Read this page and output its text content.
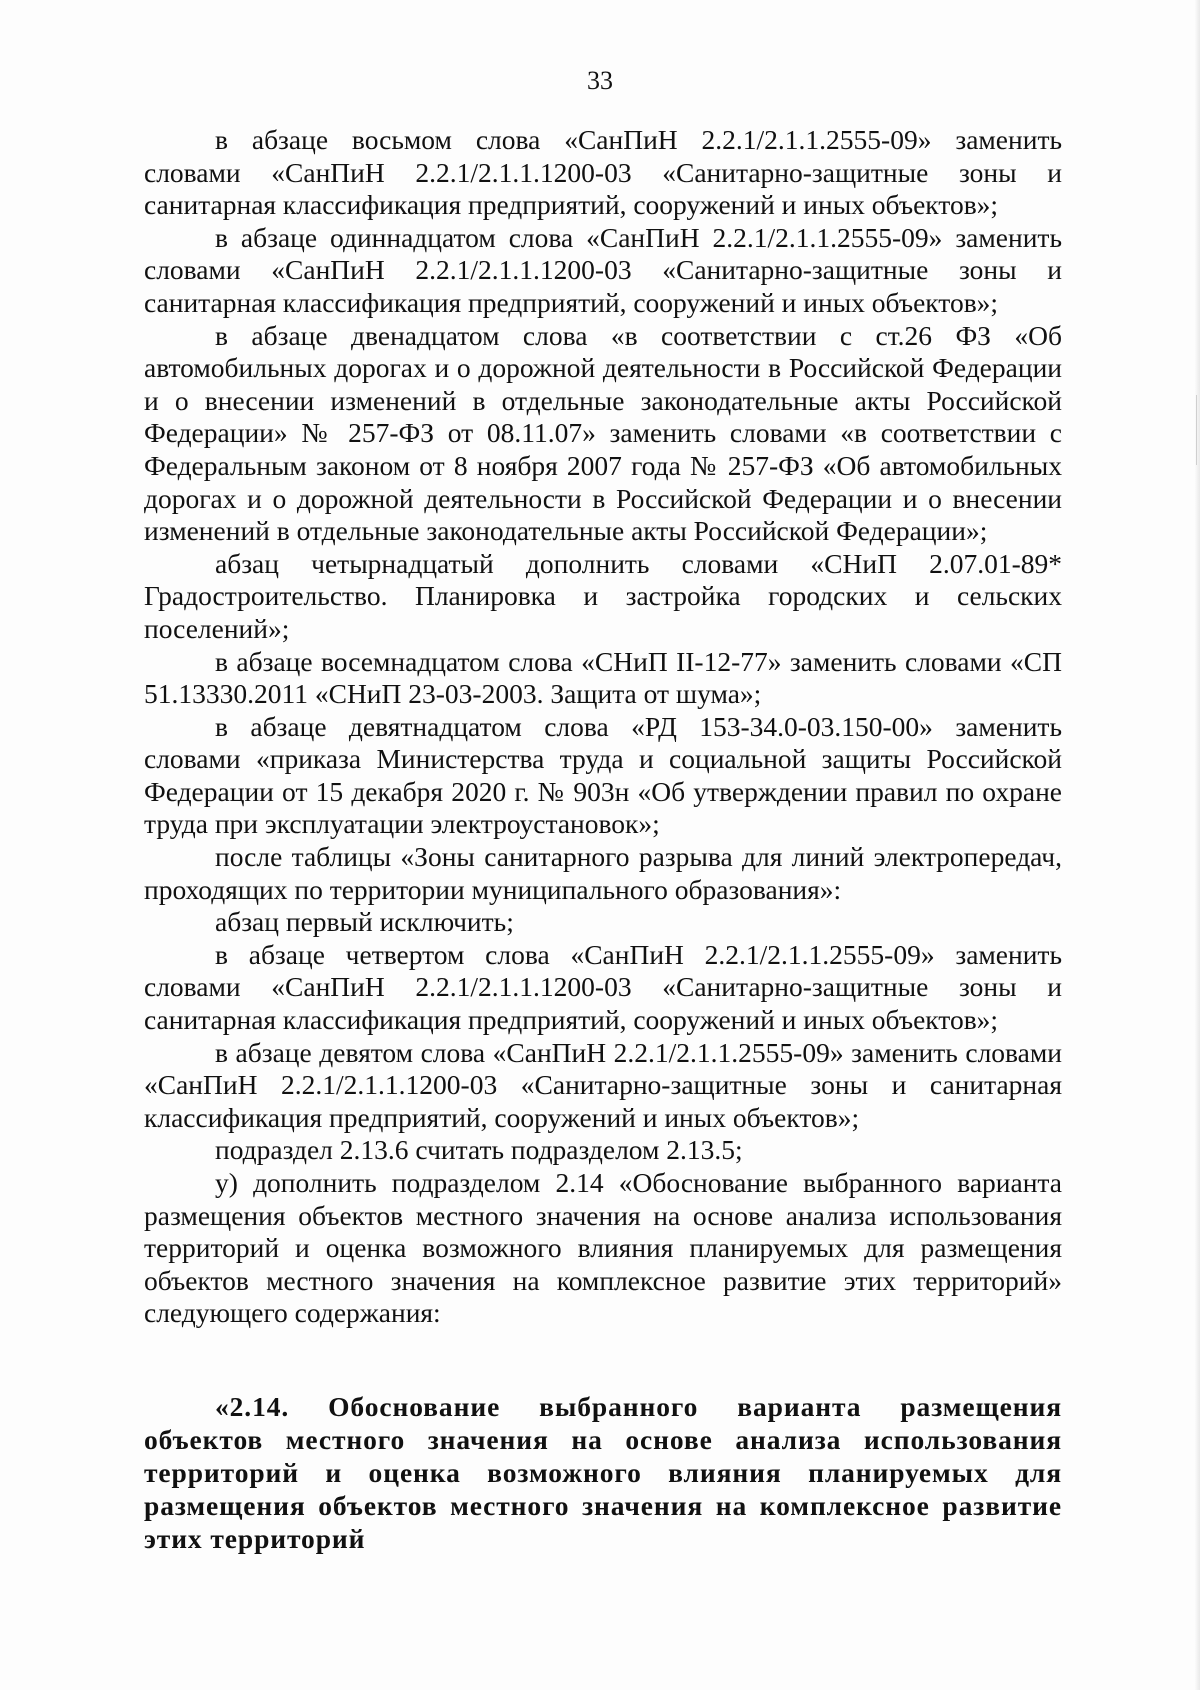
33

в абзаце восьмом слова «СанПиН 2.2.1/2.1.1.2555-09» заменить словами «СанПиН 2.2.1/2.1.1.1200-03 «Санитарно-защитные зоны и санитарная классификация предприятий, сооружений и иных объектов»;

в абзаце одиннадцатом слова «СанПиН 2.2.1/2.1.1.2555-09» заменить словами «СанПиН 2.2.1/2.1.1.1200-03 «Санитарно-защитные зоны и санитарная классификация предприятий, сооружений и иных объектов»;

в абзаце двенадцатом слова «в соответствии с ст.26 ФЗ «Об автомобильных дорогах и о дорожной деятельности в Российской Федерации и о внесении изменений в отдельные законодательные акты Российской Федерации» № 257-ФЗ от 08.11.07» заменить словами «в соответствии с Федеральным законом от 8 ноября 2007 года № 257-ФЗ «Об автомобильных дорогах и о дорожной деятельности в Российской Федерации и о внесении изменений в отдельные законодательные акты Российской Федерации»;

абзац четырнадцатый дополнить словами «СНиП 2.07.01-89* Градостроительство. Планировка и застройка городских и сельских поселений»;

в абзаце восемнадцатом слова «СНиП II-12-77» заменить словами «СП 51.13330.2011 «СНиП 23-03-2003. Защита от шума»;

в абзаце девятнадцатом слова «РД 153-34.0-03.150-00» заменить словами «приказа Министерства труда и социальной защиты Российской Федерации от 15 декабря 2020 г. № 903н «Об утверждении правил по охране труда при эксплуатации электроустановок»;

после таблицы «Зоны санитарного разрыва для линий электропередач, проходящих по территории муниципального образования»:

абзац первый исключить;

в абзаце четвертом слова «СанПиН 2.2.1/2.1.1.2555-09» заменить словами «СанПиН 2.2.1/2.1.1.1200-03 «Санитарно-защитные зоны и санитарная классификация предприятий, сооружений и иных объектов»;

в абзаце девятом слова «СанПиН 2.2.1/2.1.1.2555-09» заменить словами «СанПиН 2.2.1/2.1.1.1200-03 «Санитарно-защитные зоны и санитарная классификация предприятий, сооружений и иных объектов»;

подраздел 2.13.6 считать подразделом 2.13.5;

у) дополнить подразделом 2.14 «Обоснование выбранного варианта размещения объектов местного значения на основе анализа использования территорий и оценка возможного влияния планируемых для размещения объектов местного значения на комплексное развитие этих территорий» следующего содержания:

«2.14. Обоснование выбранного варианта размещения объектов местного значения на основе анализа использования территорий и оценка возможного влияния планируемых для размещения объектов местного значения на комплексное развитие этих территорий
